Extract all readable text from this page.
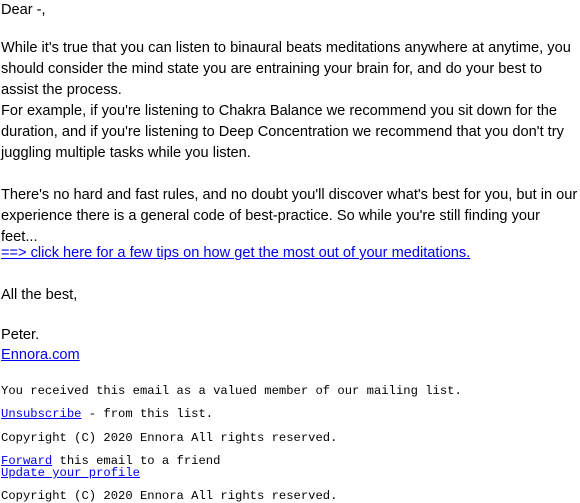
Dear -,

While it's true that you can listen to binaural beats meditations anywhere at anytime, you should consider the mind state you are entraining your brain for, and do your best to assist the process.

For example, if you're listening to Chakra Balance we recommend you sit down for the duration, and if you're listening to Deep Concentration we recommend that you don't try juggling multiple tasks while you listen.

There's no hard and fast rules, and no doubt you'll discover what's best for you, but in our experience there is a general code of best-practice. So while you're still finding your feet...

==> click here for a few tips on how get the most out of your meditations.

All the best,

Peter.

Ennora.com

You received this email as a valued member of our mailing list.
Unsubscribe - from this list.
Copyright (C) 2020 Ennora All rights reserved.
Forward this email to a friend
Update your profile
Copyright (C) 2020 Ennora All rights reserved.
